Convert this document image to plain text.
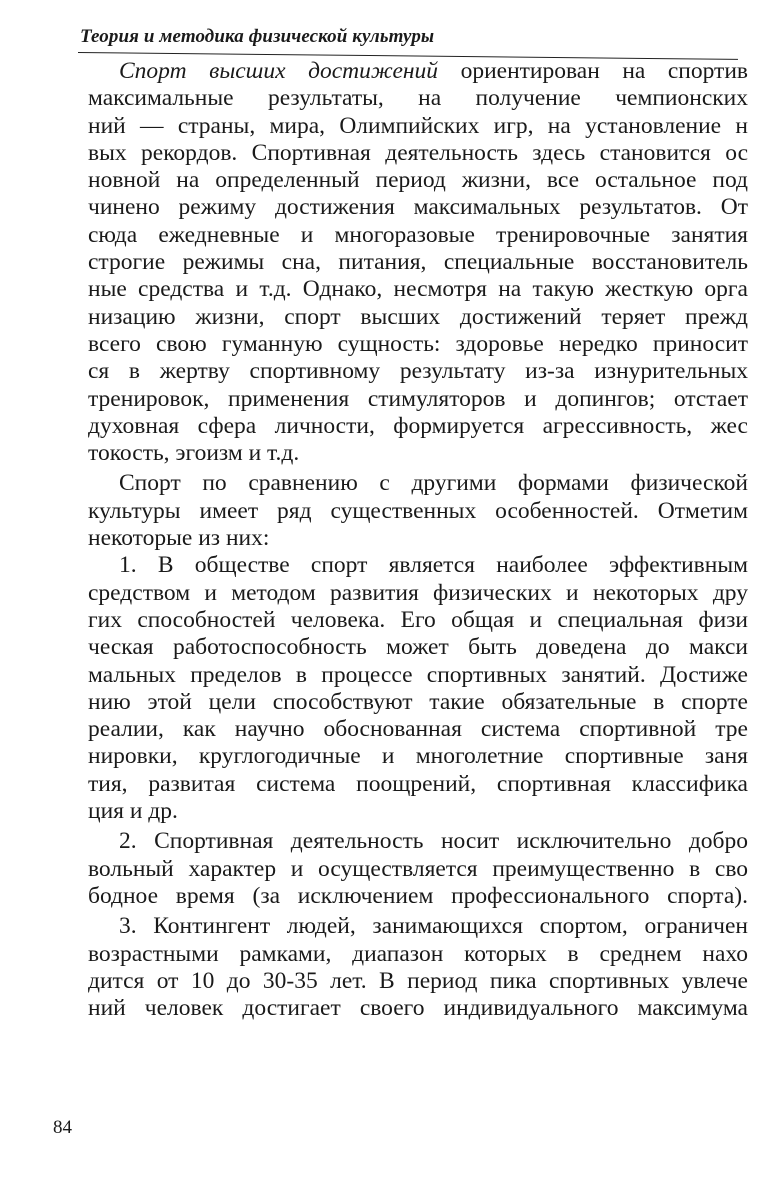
Теория и методика физической культуры
Спорт высших достижений ориентирован на спортив
максимальные результаты, на получение чемпионских
ний — страны, мира, Олимпийских игр, на установление н
вых рекордов. Спортивная деятельность здесь становится ос
новной на определенный период жизни, все остальное под
чинено режиму достижения максимальных результатов. От
сюда ежедневные и многоразовые тренировочные занятия
строгие режимы сна, питания, специальные восстановитель
ные средства и т.д. Однако, несмотря на такую жесткую орга
низацию жизни, спорт высших достижений теряет прежд
всего свою гуманную сущность: здоровье нередко приносит
ся в жертву спортивному результату из-за изнурительных
тренировок, применения стимуляторов и допингов; отстает
духовная сфера личности, формируется агрессивность, жес
токость, эгоизм и т.д.
Спорт по сравнению с другими формами физической
культуры имеет ряд существенных особенностей. Отметим
некоторые из них:
1. В обществе спорт является наиболее эффективным
средством и методом развития физических и некоторых дру
гих способностей человека. Его общая и специальная физи
ческая работоспособность может быть доведена до макси
мальных пределов в процессе спортивных занятий. Достиже
нию этой цели способствуют такие обязательные в спорте
реалии, как научно обоснованная система спортивной тре
нировки, круглогодичные и многолетние спортивные заня
тия, развитая система поощрений, спортивная классифика
ция и др.
2. Спортивная деятельность носит исключительно добро
вольный характер и осуществляется преимущественно в сво
бодное время (за исключением профессионального спорта).
3. Контингент людей, занимающихся спортом, ограничен
возрастными рамками, диапазон которых в среднем нахо
дится от 10 до 30-35 лет. В период пика спортивных увлече
ний человек достигает своего индивидуального максимума
84
